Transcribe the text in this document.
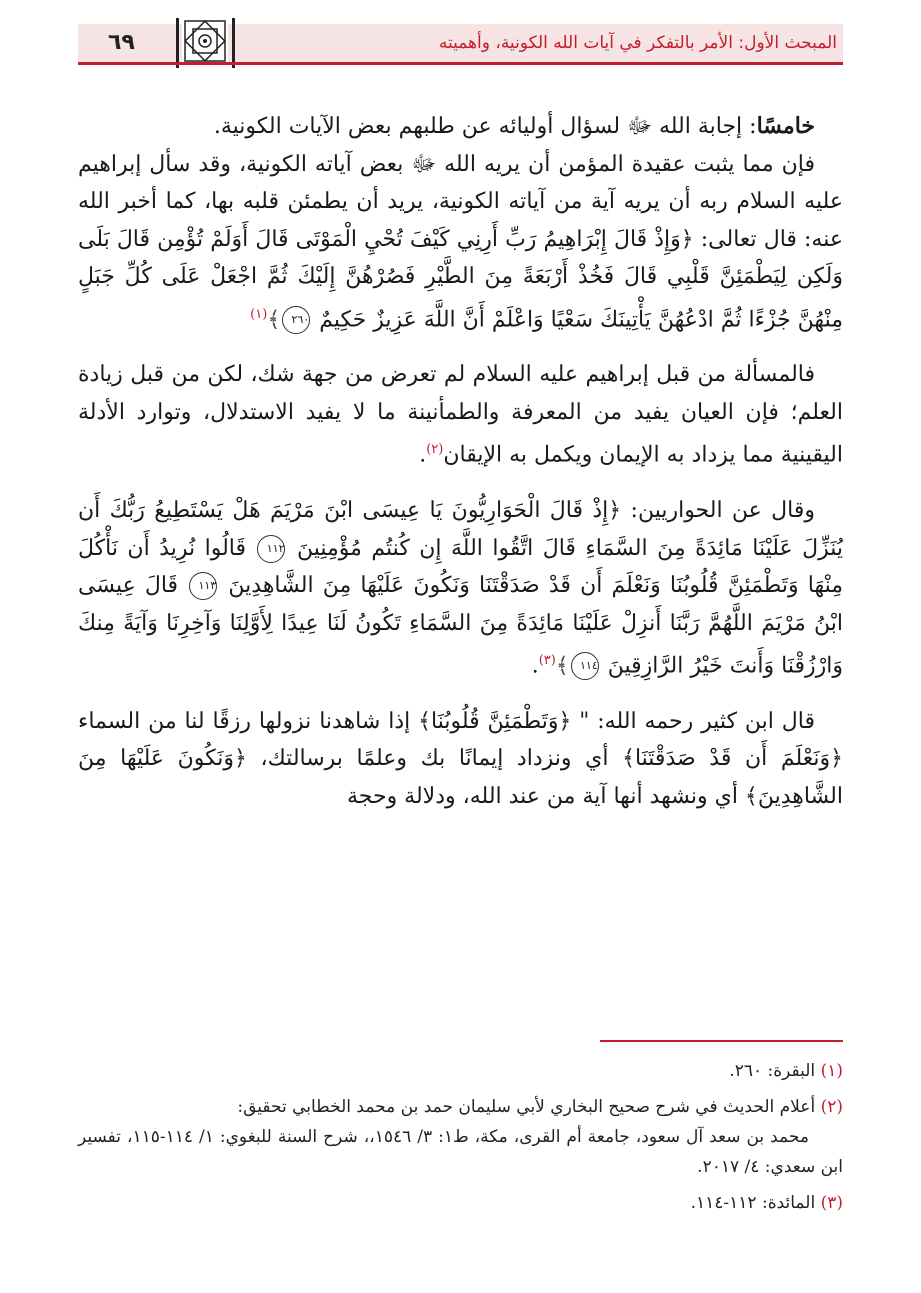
٦٩	المبحث الأول: الأمر بالتفكر في آيات الله الكونية، وأهميته

خامسًا: إجابة الله ﷻ لسؤال أوليائه عن طلبهم بعض الآيات الكونية.

فإن مما يثبت عقيدة المؤمن أن يريه الله ﷻ بعض آياته الكونية، وقد سأل إبراهيم عليه السلام ربه أن يريه آية من آياته الكونية، يريد أن يطمئن قلبه بها، كما أخبر الله عنه: قال تعالى: ﴿وَإِذْ قَالَ إِبْرَاهِيمُ رَبِّ أَرِنِي كَيْفَ تُحْيِ الْمَوْتَى قَالَ أَوَلَمْ تُؤْمِن قَالَ بَلَى وَلَكِن لِيَطْمَئِنَّ قَلْبِي قَالَ فَخُذْ أَرْبَعَةً مِنَ الطَّيْرِ فَصُرْهُنَّ إِلَيْكَ ثُمَّ اجْعَلْ عَلَى كُلِّ جَبَلٍ مِنْهُنَّ جُزْءًا ثُمَّ ادْعُهُنَّ يَأْتِينَكَ سَعْيًا وَاعْلَمْ أَنَّ اللَّهَ عَزِيزٌ حَكِيمٌ ٢٦٠﴾$^{(١)}$

فالمسألة من قبل إبراهيم عليه السلام لم تعرض من جهة شك، لكن من قبل زيادة العلم؛ فإن العيان يفيد من المعرفة والطمأنينة ما لا يفيد الاستدلال، وتوارد الأدلة اليقينية مما يزداد به الإيمان ويكمل به الإيقان$^{(٢)}$.

وقال عن الحواريين: ﴿إِذْ قَالَ الْحَوَارِيُّونَ يَا عِيسَى ابْنَ مَرْيَمَ هَلْ يَسْتَطِيعُ رَبُّكَ أَن يُنَزِّلَ عَلَيْنَا مَائِدَةً مِنَ السَّمَاءِ قَالَ اتَّقُوا اللَّهَ إِن كُنتُم مُؤْمِنِينَ ١١٢ قَالُوا نُرِيدُ أَن نَأْكُلَ مِنْهَا وَتَطْمَئِنَّ قُلُوبُنَا وَنَعْلَمَ أَن قَدْ صَدَقْتَنَا وَنَكُونَ عَلَيْهَا مِنَ الشَّاهِدِينَ ١١٣ قَالَ عِيسَى ابْنُ مَرْيَمَ اللَّهُمَّ رَبَّنَا أَنزِلْ عَلَيْنَا مَائِدَةً مِنَ السَّمَاءِ تَكُونُ لَنَا عِيدًا لِأَوَّلِنَا وَآخِرِنَا وَآيَةً مِنكَ وَارْزُقْنَا وَأَنتَ خَيْرُ الرَّازِقِينَ ١١٤﴾$^{(٣)}$.

قال ابن كثير رحمه الله: " ﴿وَتَطْمَئِنَّ قُلُوبُنَا﴾ إذا شاهدنا نزولها رزقًا لنا من السماء ﴿وَنَعْلَمَ أَن قَدْ صَدَقْتَنَا﴾ أي ونزداد إيمانًا بك وعلمًا برسالتك، ﴿وَنَكُونَ عَلَيْهَا مِنَ الشَّاهِدِينَ﴾ أي ونشهد أنها آية من عند الله، ودلالة وحجة

(١) البقرة: ٢٦٠.

(٢) أعلام الحديث في شرح صحيح البخاري لأبي سليمان حمد بن محمد الخطابي تحقيق:
محمد بن سعد آل سعود، جامعة أم القرى، مكة، ط١: ٣/ ١٥٤٦،، شرح السنة للبغوي: ١/ ١١٤-١١٥، تفسير ابن سعدي: ٤/ ٢٠١٧.

(٣) المائدة: ١١٢-١١٤.
